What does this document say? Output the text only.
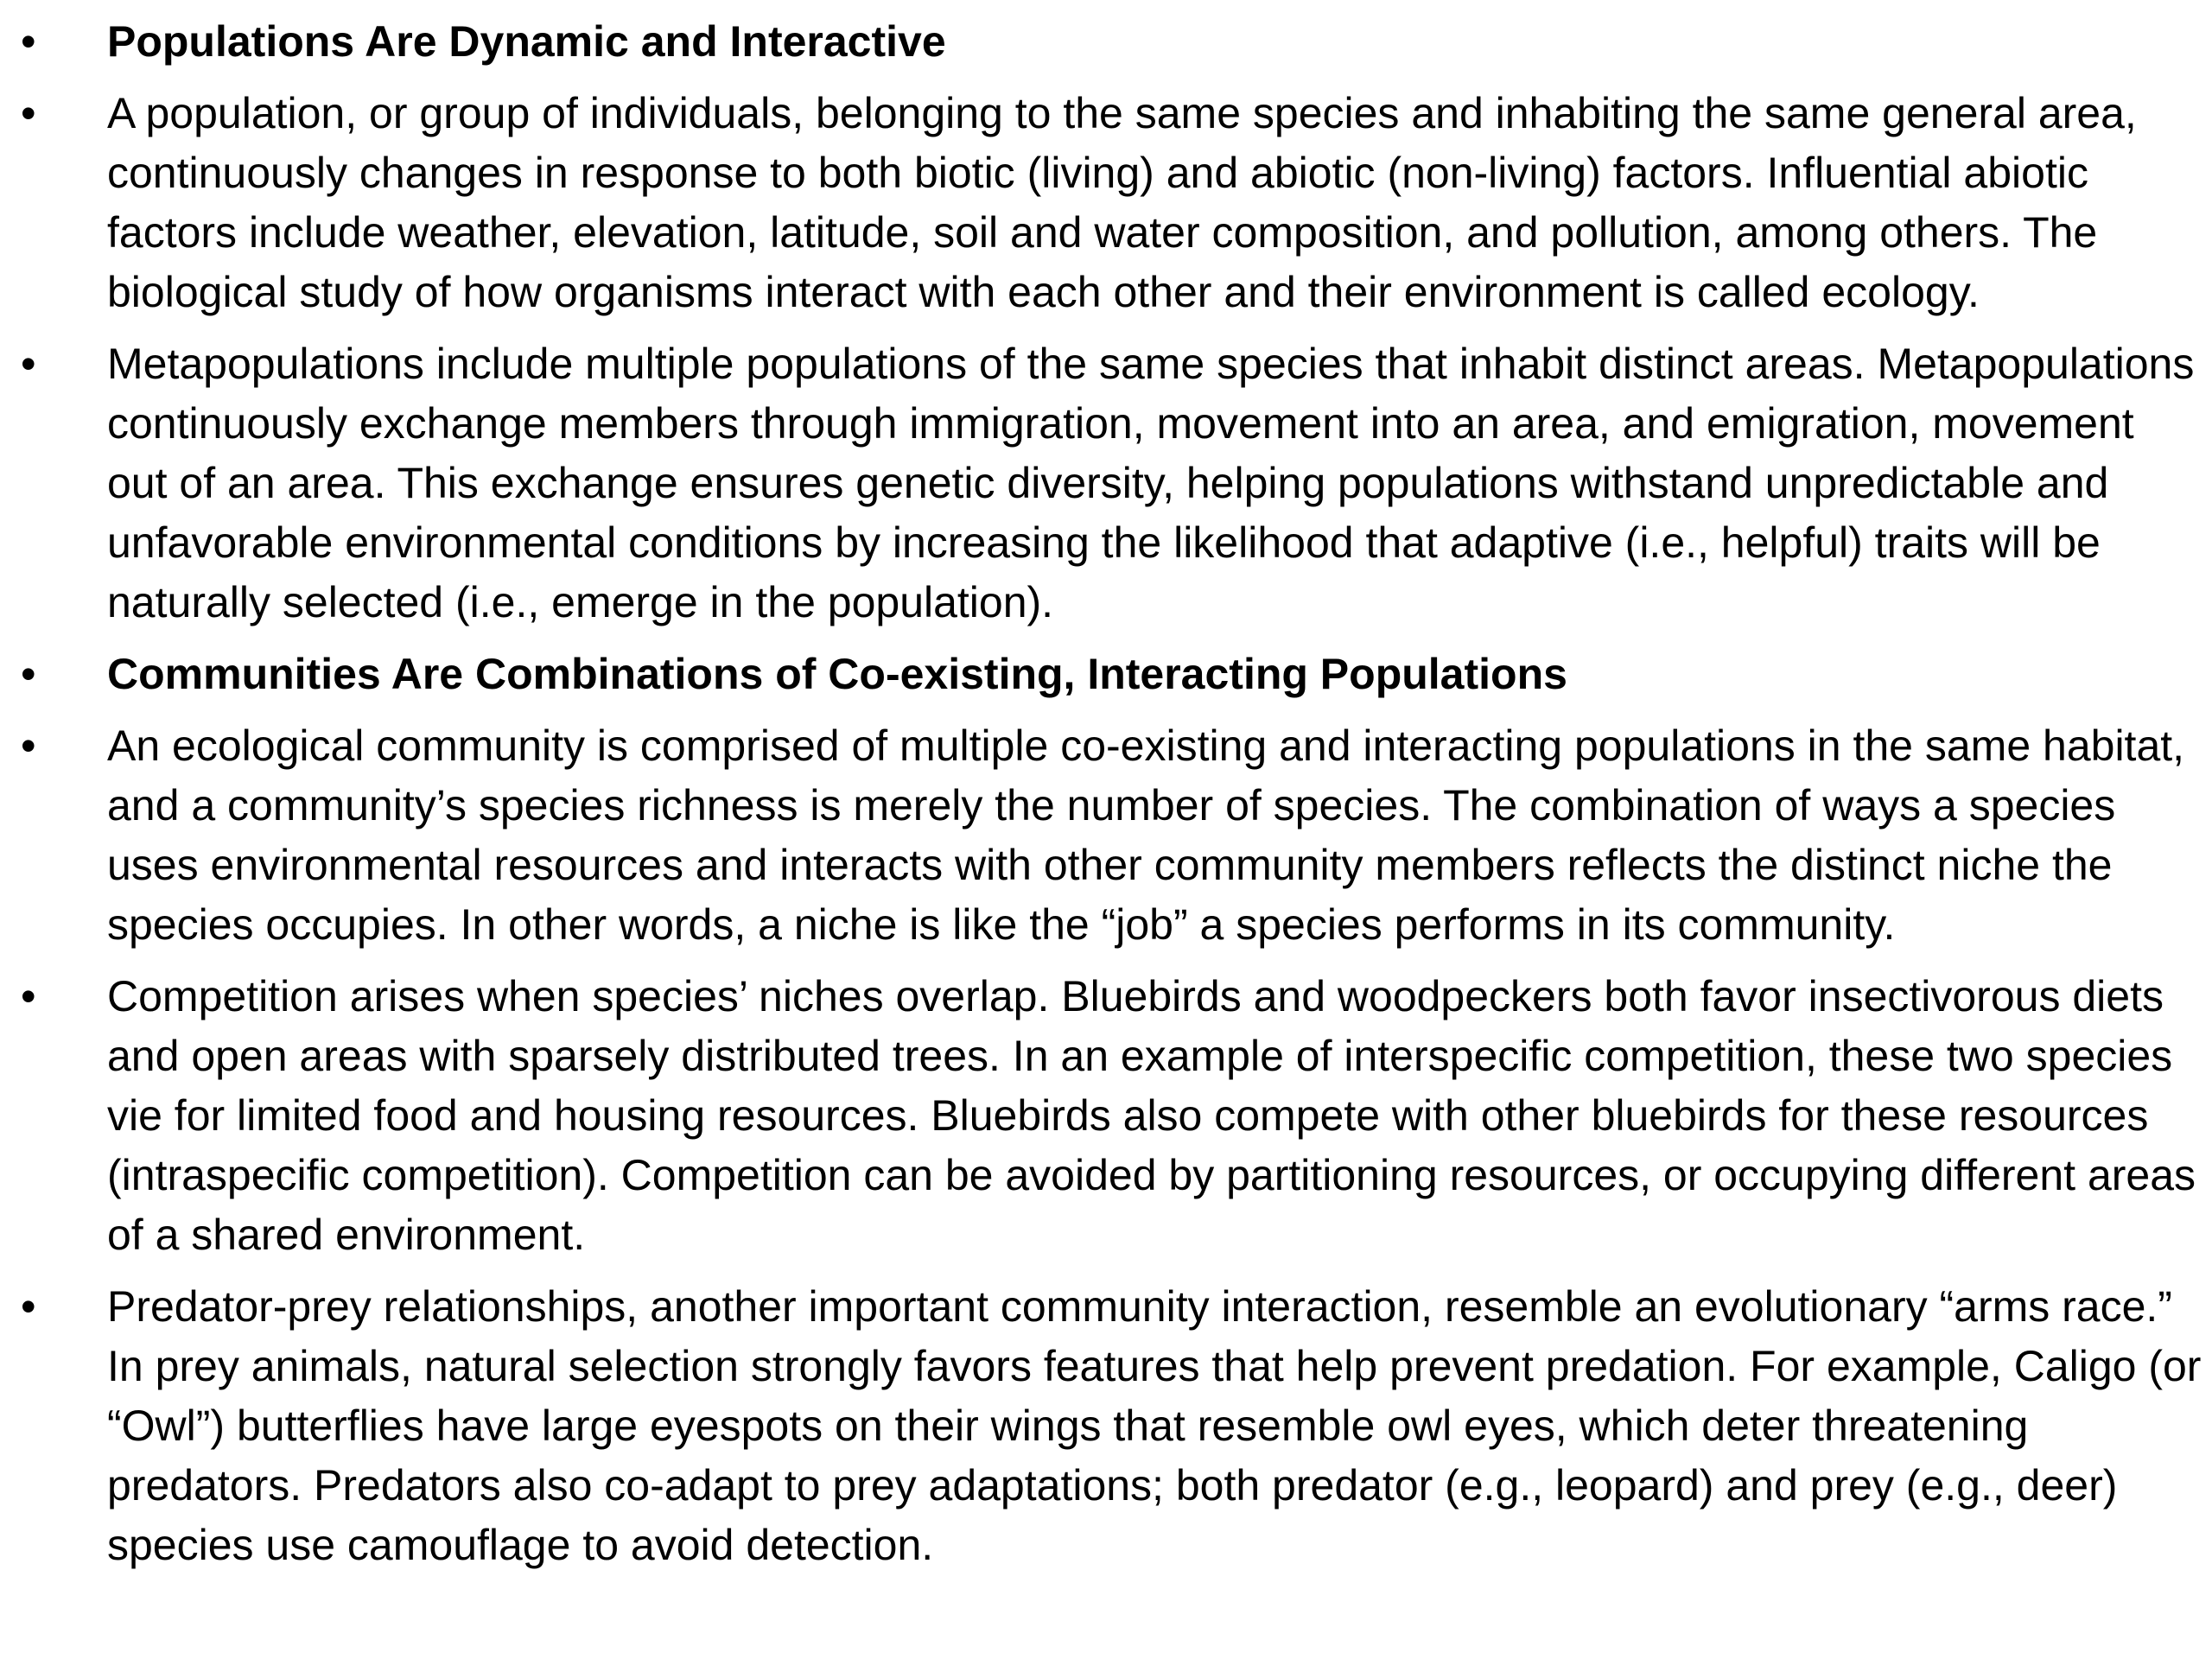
•	Populations Are Dynamic and Interactive
•	A population, or group of individuals, belonging to the same species and inhabiting the same general area, continuously changes in response to both biotic (living) and abiotic (non-living) factors. Influential abiotic factors include weather, elevation, latitude, soil and water composition, and pollution, among others. The biological study of how organisms interact with each other and their environment is called ecology.
•	Metapopulations include multiple populations of the same species that inhabit distinct areas. Metapopulations continuously exchange members through immigration, movement into an area, and emigration, movement out of an area. This exchange ensures genetic diversity, helping populations withstand unpredictable and unfavorable environmental conditions by increasing the likelihood that adaptive (i.e., helpful) traits will be naturally selected (i.e., emerge in the population).
•	Communities Are Combinations of Co-existing, Interacting Populations
•	An ecological community is comprised of multiple co-existing and interacting populations in the same habitat, and a community’s species richness is merely the number of species. The combination of ways a species uses environmental resources and interacts with other community members reflects the distinct niche the species occupies. In other words, a niche is like the “job” a species performs in its community.
•	Competition arises when species’ niches overlap. Bluebirds and woodpeckers both favor insectivorous diets and open areas with sparsely distributed trees. In an example of interspecific competition, these two species vie for limited food and housing resources. Bluebirds also compete with other bluebirds for these resources (intraspecific competition). Competition can be avoided by partitioning resources, or occupying different areas of a shared environment.
•	Predator-prey relationships, another important community interaction, resemble an evolutionary “arms race.” In prey animals, natural selection strongly favors features that help prevent predation. For example, Caligo (or “Owl”) butterflies have large eyespots on their wings that resemble owl eyes, which deter threatening predators. Predators also co-adapt to prey adaptations; both predator (e.g., leopard) and prey (e.g., deer) species use camouflage to avoid detection.
